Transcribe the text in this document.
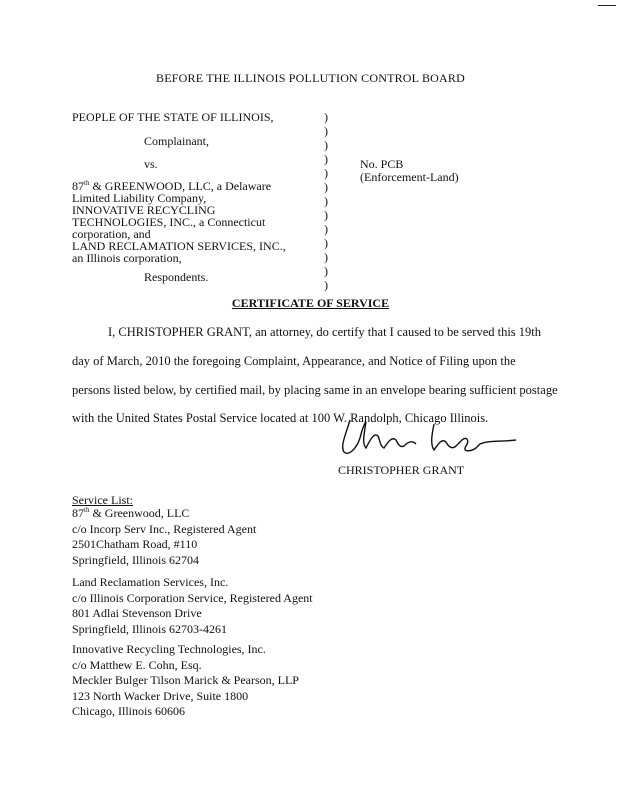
BEFORE THE ILLINOIS POLLUTION CONTROL BOARD
PEOPLE OF THE STATE OF ILLINOIS,
Complainant,
vs.	No. PCB
(Enforcement-Land)
87th & GREENWOOD, LLC, a Delaware
Limited Liability Company,
INNOVATIVE RECYCLING
TECHNOLOGIES, INC., a Connecticut
corporation, and
LAND RECLAMATION SERVICES, INC.,
an Illinois corporation,
Respondents.
)
)
)
)
)
)
)
)
)
)
)
)
)
CERTIFICATE OF SERVICE
I, CHRISTOPHER GRANT, an attorney, do certify that I caused to be served this 19th
day of March, 2010 the foregoing Complaint, Appearance, and Notice of Filing upon the
persons listed below, by certified mail, by placing same in an envelope bearing sufficient postage
with the United States Postal Service located at 100 W. Randolph, Chicago Illinois.
CHRISTOPHER GRANT
Service List:
87th & Greenwood, LLC
c/o Incorp Serv Inc., Registered Agent
2501Chatham Road, #110
Springfield, Illinois 62704
Land Reclamation Services, Inc.
c/o Illinois Corporation Service, Registered Agent
801 Adlai Stevenson Drive
Springfield, Illinois 62703-4261
Innovative Recycling Technologies, Inc.
c/o Matthew E. Cohn, Esq.
Meckler Bulger Tilson Marick & Pearson, LLP
123 North Wacker Drive, Suite 1800
Chicago, Illinois 60606
